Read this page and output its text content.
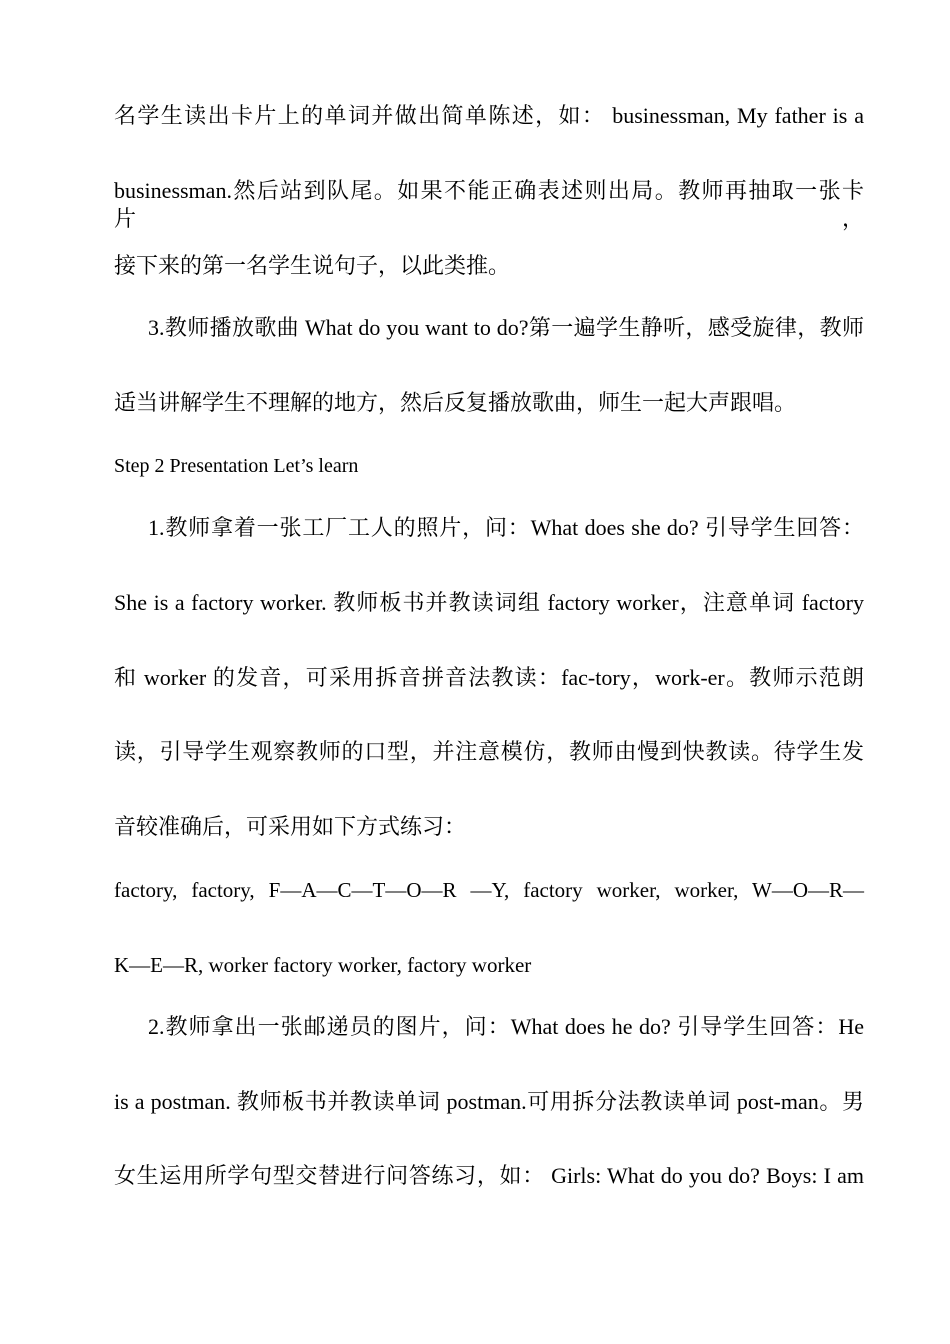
名学生读出卡片上的单词并做出简单陈述，如： businessman, My father is a
businessman.然后站到队尾。如果不能正确表述则出局。教师再抽取一张卡片，
接下来的第一名学生说句子，以此类推。
3.教师播放歌曲 What do you want to do?第一遍学生静听，感受旋律，教师
适当讲解学生不理解的地方，然后反复播放歌曲，师生一起大声跟唱。
Step 2 Presentation Let’s learn
1.教师拿着一张工厂工人的照片，问：What does she do? 引导学生回答：
She is a factory worker. 教师板书并教读词组 factory worker，注意单词 factory
和 worker 的发音，可采用拆音拼音法教读：fac-tory，work-er。教师示范朗
读，引导学生观察教师的口型，并注意模仿，教师由慢到快教读。待学生发
音较准确后，可采用如下方式练习：
factory, factory, F—A—C—T—O—R —Y, factory worker, worker, W—O—R—
K—E—R, worker factory worker, factory worker
2.教师拿出一张邮递员的图片，问：What does he do? 引导学生回答：He
is a postman. 教师板书并教读单词 postman.可用拆分法教读单词 post-man。男
女生运用所学句型交替进行问答练习，如： Girls: What do you do? Boys: I am
